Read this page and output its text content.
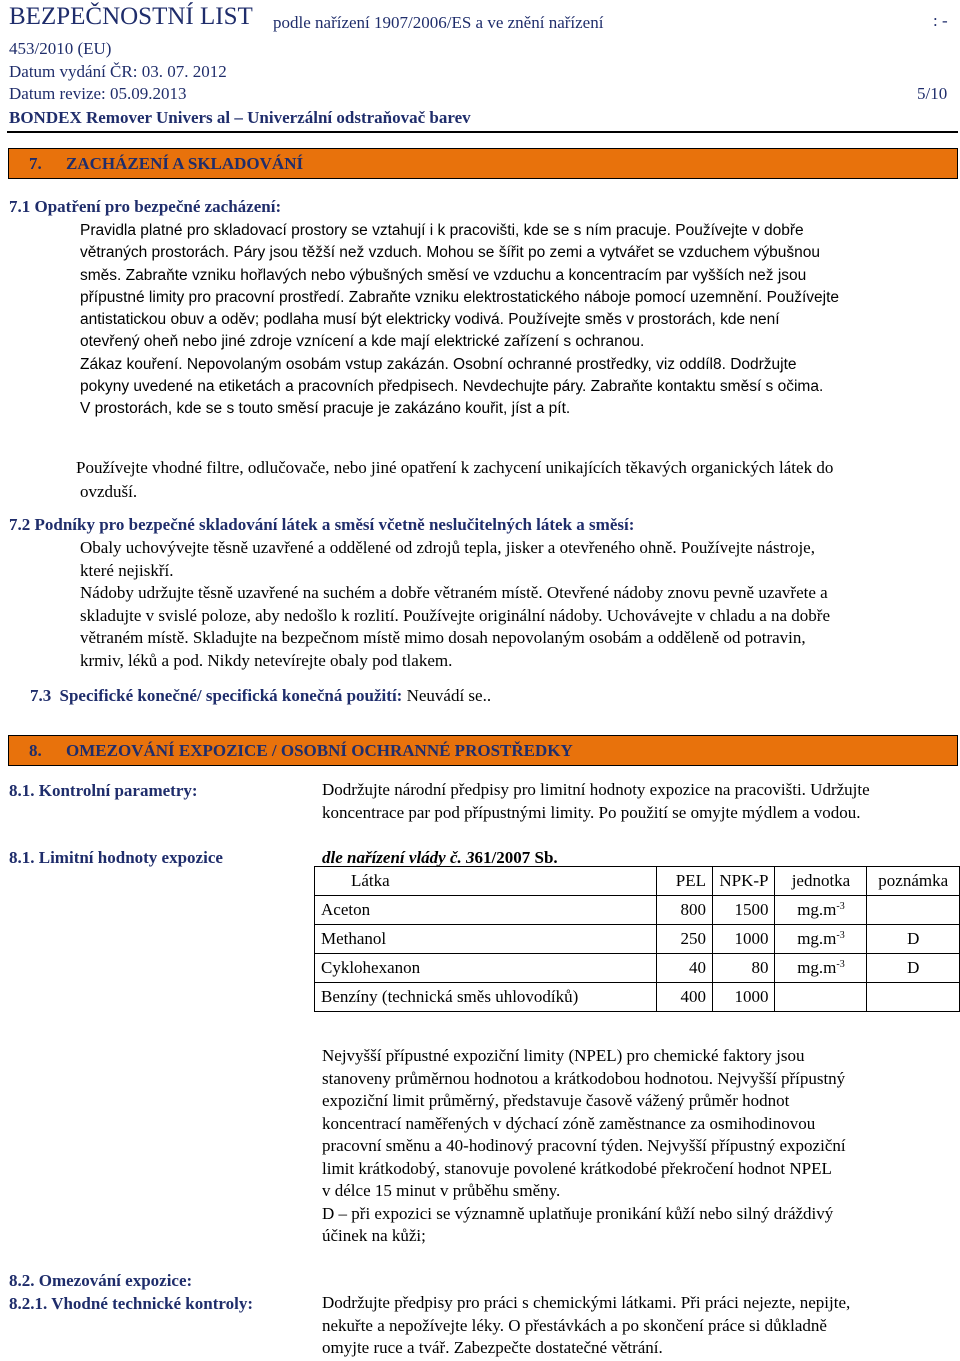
BEZPEČNOSTNÍ LIST podle nařízení 1907/2006/ES a ve znění nařízení	: -
453/2010 (EU)
Datum vydání ČR: 03. 07. 2012
Datum revize: 05.09.2013	5/10
BONDEX Remover Univers al – Univerzální odstraňovač barev
7. ZACHÁZENÍ A SKLADOVÁNÍ
7.1 Opatření pro bezpečné zacházení:
Pravidla platné pro skladovací prostory se vztahují i k pracovišti, kde se s ním pracuje. Používejte v dobře
větraných prostorách. Páry jsou těžší než vzduch. Mohou se šířit po zemi a vytvářet se vzduchem výbušnou
směs. Zabraňte vzniku hořlavých nebo výbušných směsí ve vzduchu a koncentracím par vyšších než jsou
přípustné limity pro pracovní prostředí. Zabraňte vzniku elektrostatického náboje pomocí uzemnění. Používejte
antistatickou obuv a oděv; podlaha musí být elektricky vodivá. Používejte směs v prostorách, kde není
otevřený oheň nebo jiné zdroje vznícení a kde mají elektrické zařízení s ochranou.
Zákaz kouření. Nepovolaným osobám vstup zakázán. Osobní ochranné prostředky, viz oddíl8. Dodržujte
pokyny uvedené na etiketách a pracovních předpisech. Nevdechujte páry. Zabraňte kontaktu směsí s očima.
V prostorách, kde se s touto směsí pracuje je zakázáno kouřit, jíst a pít.
Používejte vhodné filtre, odlučovače, nebo jiné opatření k zachycení unikajících těkavých organických látek do
ovzduší.
7.2 Podníky pro bezpečné skladování látek a směsí včetně neslučitelných látek a směsí:
Obaly uchovývejte těsně uzavřené a oddělené od zdrojů tepla, jisker a otevřeného ohně. Používejte nástroje,
které nejiskří.
Nádoby udržujte těsně uzavřené na suchém a dobře větraném místě. Otevřené nádoby znovu pevně uzavřete a
skladujte v svislé poloze, aby nedošlo k rozlití. Používejte originální nádoby. Uchovávejte v chladu a na dobře
větraném místě. Skladujte na bezpečnom místě mimo dosah nepovolaným osobám a odděleně od potravin,
krmiv, léků a pod. Nikdy netevírejte obaly pod tlakem.
7.3 Specifické konečné/ specifická konečná použití: Neuvádí se..
8. OMEZOVÁNÍ EXPOZICE / OSOBNÍ OCHRANNÉ PROSTŘEDKY
8.1. Kontrolní parametry:	Dodržujte národní předpisy pro limitní hodnoty expozice na pracovišti. Udržujte
koncentrace par pod přípustnými limity. Po použití se omyjte mýdlem a vodou.
8.1. Limitní hodnoty expozice	dle nařízení vlády č. 361/2007 Sb.
Látka	PEL	NPK-P	jednotka	poznámka
Aceton	800	1500	$mg.m^{-3}$	
Methanol	250	1000	$mg.m^{-3}$	D
Cyklohexanon	40	80	$mg.m^{-3}$	D
Benzíny (technická směs uhlovodíků)	400	1000		
Nejvyšší přípustné expoziční limity (NPEL) pro chemické faktory jsou
stanoveny průměrnou hodnotou a krátkodobou hodnotou. Nejvyšší přípustný
expoziční limit průměrný, představuje časově vážený průměr hodnot
koncentrací naměřených v dýchací zóně zaměstnance za osmihodinovou
pracovní směnu a 40-hodinový pracovní týden. Nejvyšší přípustný expoziční
limit krátkodobý, stanovuje povolené krátkodobé překročení hodnot NPEL
v délce 15 minut v průběhu směny.
D – při expozici se významně uplatňuje pronikání kůží nebo silný dráždivý
účinek na kůži;
8.2. Omezování expozice:
8.2.1. Vhodné technické kontroly:	Dodržujte předpisy pro práci s chemickými látkami. Při práci nejezte, nepijte,
nekuřte a nepožívejte léky. O přestávkách a po skončení práce si důkladně
omyjte ruce a tvář. Zabezpečte dostatečné větrání.
